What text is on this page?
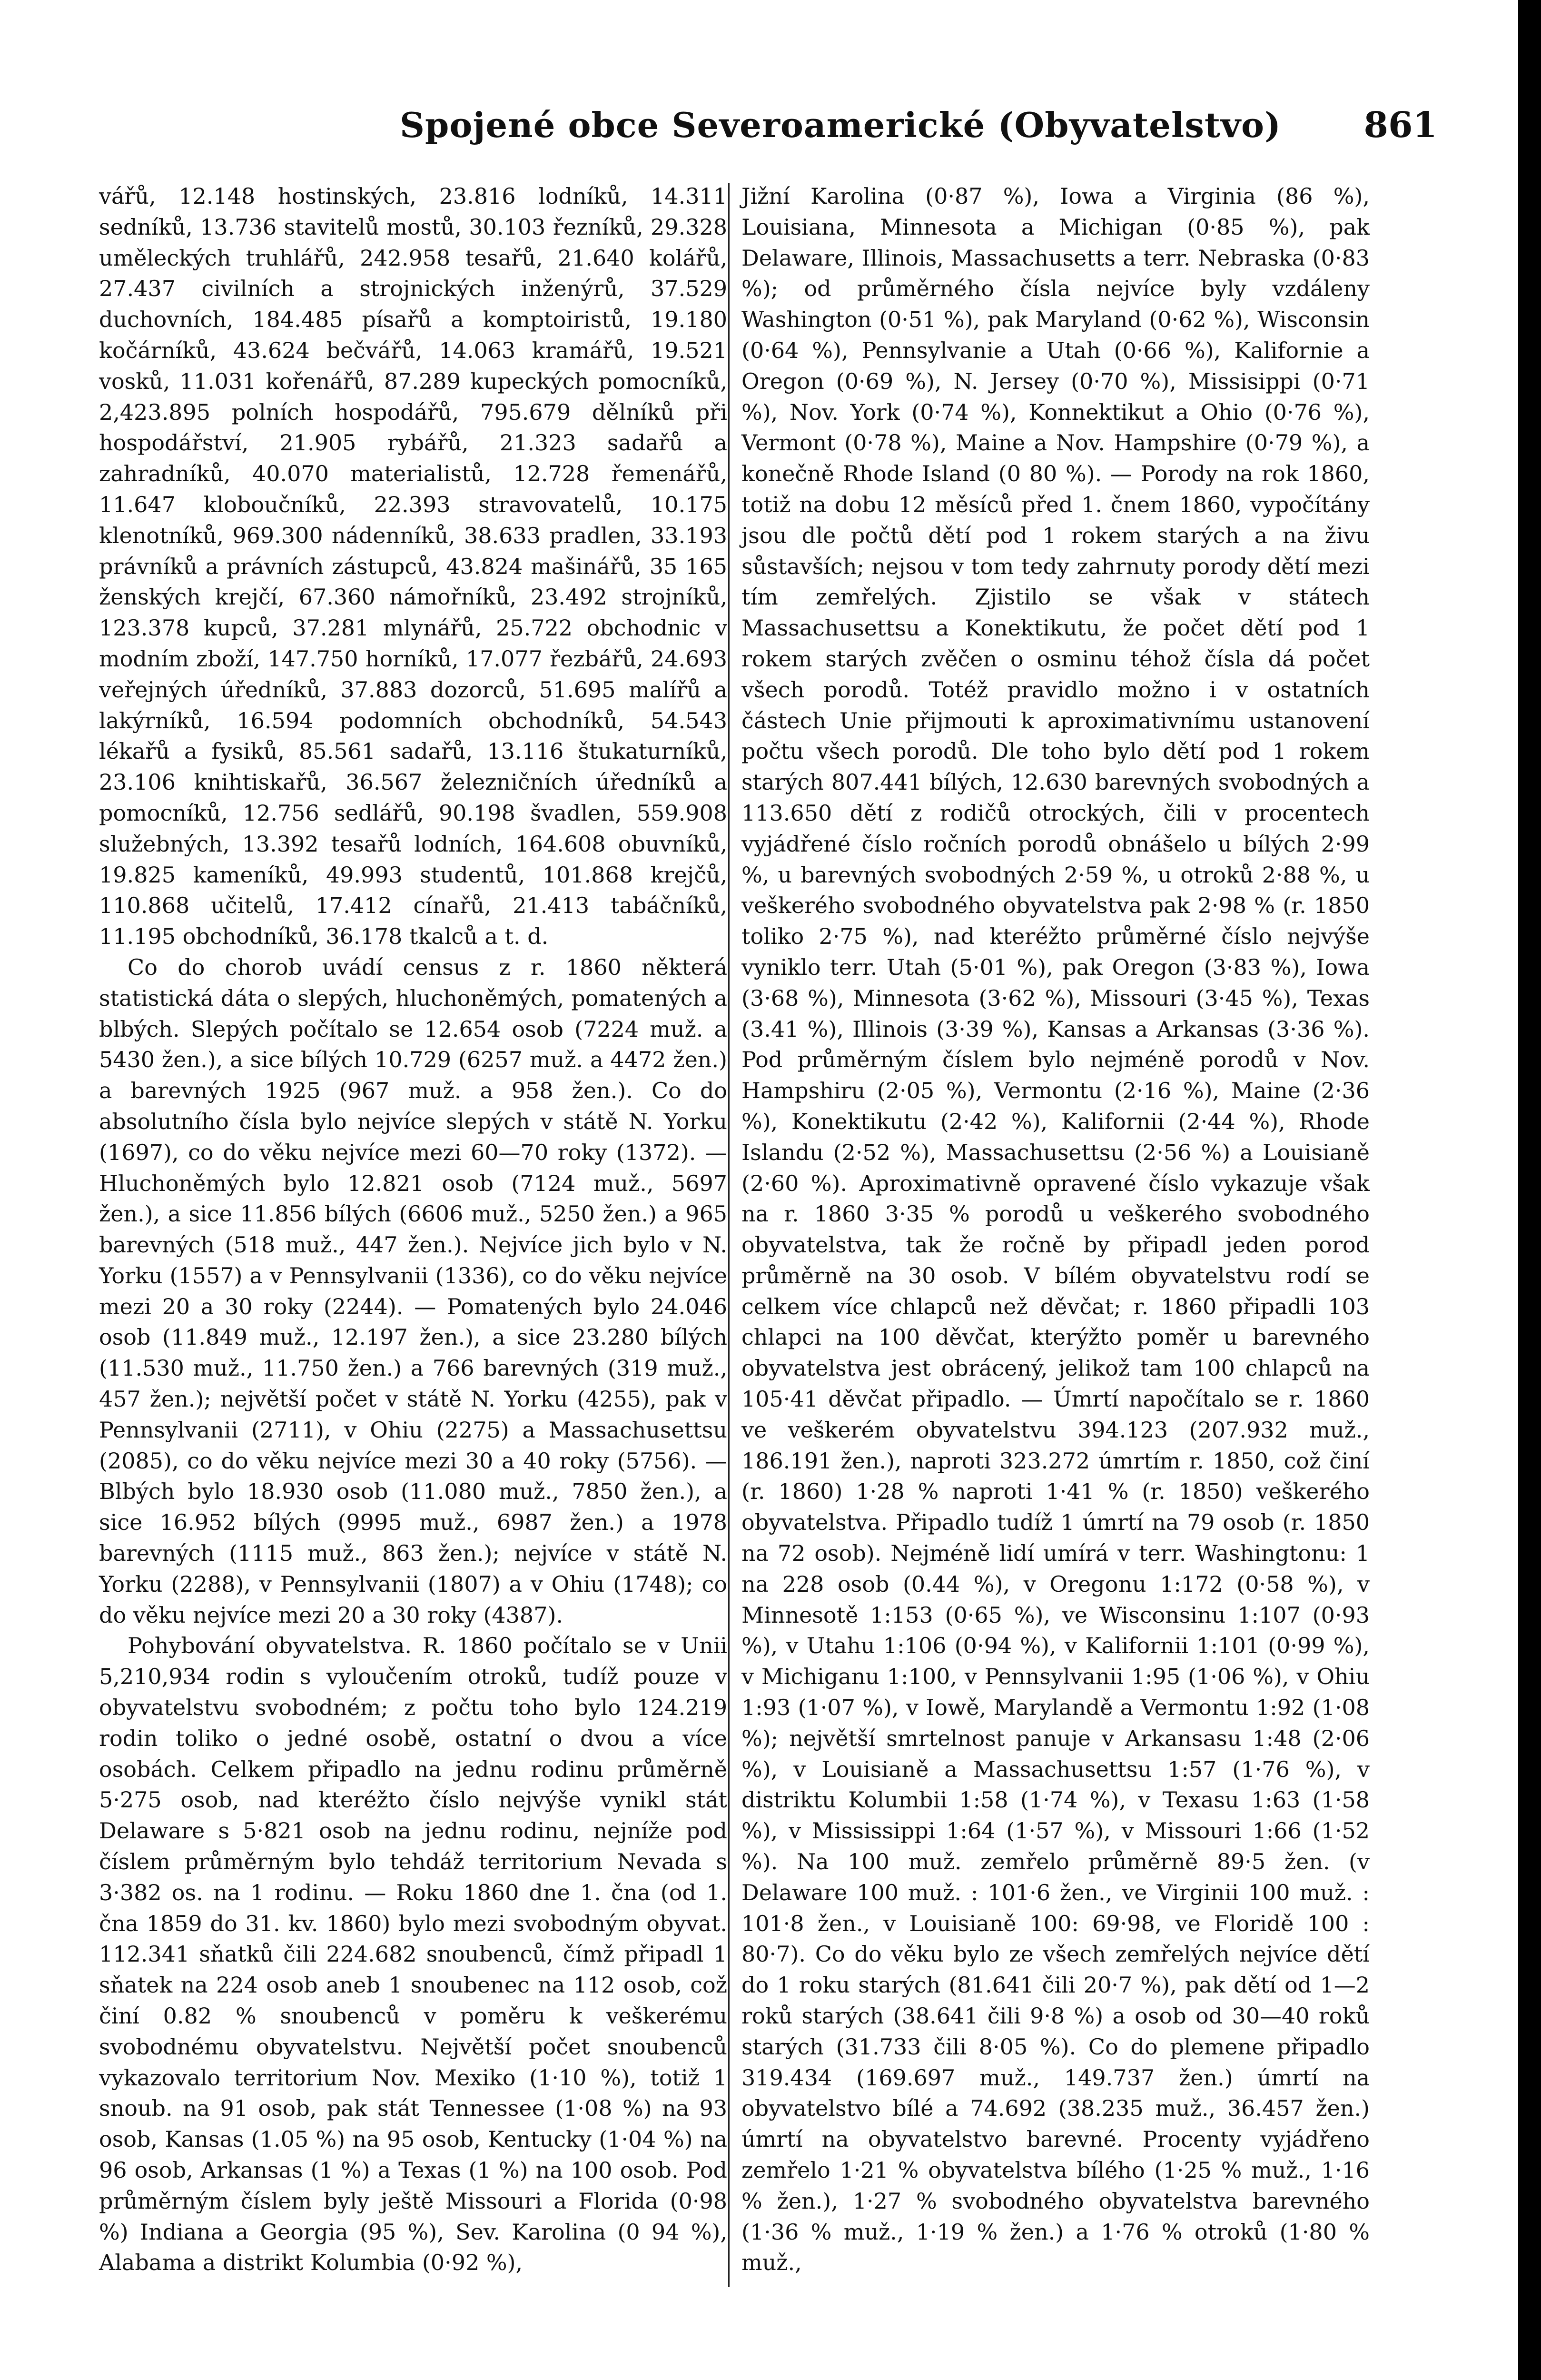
Spojené obce Severoamerické (Obyvatelstvo) 861

vářů, 12.148 hostinských, 23.816 lodníků, 14.311 sedníků, 13.736 stavitelů mostů, 30.103 řezníků, 29.328 uměleckých truhlářů, 242.958 tesařů, 21.640 kolářů, 27.437 civilních a strojnických inženýrů, 37.529 duchovních, 184.485 písařů a komptoiristů, 19.180 kočárníků, 43.624 bečvářů, 14.063 kramářů, 19.521 vosků, 11.031 kořenářů, 87.289 kupeckých pomocníků, 2,423.895 polních hospodářů, 795.679 dělníků při hospodářství, 21.905 rybářů, 21.323 sadařů a zahradníků, 40.070 materialistů, 12.728 řemenářů, 11.647 kloboučníků, 22.393 stravovatelů, 10.175 klenotníků, 969.300 nádenníků, 38.633 pradlen, 33.193 právníků a právních zástupců, 43.824 mašinářů, 35 165 ženských krejčí, 67.360 námořníků, 23.492 strojníků, 123.378 kupců, 37.281 mlynářů, 25.722 obchodnic v modním zboží, 147.750 horníků, 17.077 řezbářů, 24.693 veřejných úředníků, 37.883 dozorců, 51.695 malířů a lakýrníků, 16.594 podomních obchodníků, 54.543 lékařů a fysiků, 85.561 sadařů, 13.116 štukaturníků, 23.106 knihtiskařů, 36.567 železničních úředníků a pomocníků, 12.756 sedlářů, 90.198 švadlen, 559.908 služebných, 13.392 tesařů lodních, 164.608 obuvníků, 19.825 kameníků, 49.993 studentů, 101.868 krejčů, 110.868 učitelů, 17.412 cínařů, 21.413 tabáčníků, 11.195 obchodníků, 36.178 tkalců a t. d.

Co do chorob uvádí census z r. 1860 některá statistická dáta o slepých, hluchoněmých, pomatených a blbých. Slepých počítalo se 12.654 osob (7224 muž. a 5430 žen.), a sice bílých 10.729 (6257 muž. a 4472 žen.) a barevných 1925 (967 muž. a 958 žen.). Co do absolutního čísla bylo nejvíce slepých v státě N. Yorku (1697), co do věku nejvíce mezi 60—70 roky (1372). — Hluchoněmých bylo 12.821 osob (7124 muž., 5697 žen.), a sice 11.856 bílých (6606 muž., 5250 žen.) a 965 barevných (518 muž., 447 žen.). Nejvíce jich bylo v N. Yorku (1557) a v Pennsylvanii (1336), co do věku nejvíce mezi 20 a 30 roky (2244). — Pomatených bylo 24.046 osob (11.849 muž., 12.197 žen.), a sice 23.280 bílých (11.530 muž., 11.750 žen.) a 766 barevných (319 muž., 457 žen.); největší počet v státě N. Yorku (4255), pak v Pennsylvanii (2711), v Ohiu (2275) a Massachusettsu (2085), co do věku nejvíce mezi 30 a 40 roky (5756). — Blbých bylo 18.930 osob (11.080 muž., 7850 žen.), a sice 16.952 bílých (9995 muž., 6987 žen.) a 1978 barevných (1115 muž., 863 žen.); nejvíce v státě N. Yorku (2288), v Pennsylvanii (1807) a v Ohiu (1748); co do věku nejvíce mezi 20 a 30 roky (4387).

Pohybování obyvatelstva. R. 1860 počítalo se v Unii 5,210,934 rodin s vyloučením otroků, tudíž pouze v obyvatelstvu svobodném; z počtu toho bylo 124.219 rodin toliko o jedné osobě, ostatní o dvou a více osobách. Celkem připadlo na jednu rodinu průměrně 5·275 osob, nad kteréžto číslo nejvýše vynikl stát Delaware s 5·821 osob na jednu rodinu, nejníže pod číslem průměrným bylo tehdáž territorium Nevada s 3·382 os. na 1 rodinu. — Roku 1860 dne 1. čna (od 1. čna 1859 do 31. kv. 1860) bylo mezi svobodným obyvat. 112.341 sňatků čili 224.682 snoubenců, čímž připadl 1 sňatek na 224 osob aneb 1 snoubenec na 112 osob, což činí 0.82 % snoubenců v poměru k veškerému svobodnému obyvatelstvu. Největší počet snoubenců vykazovalo territorium Nov. Mexiko (1·10 %), totiž 1 snoub. na 91 osob, pak stát Tennessee (1·08 %) na 93 osob, Kansas (1.05 %) na 95 osob, Kentucky (1·04 %) na 96 osob, Arkansas (1 %) a Texas (1 %) na 100 osob. Pod průměrným číslem byly ještě Missouri a Florida (0·98 %) Indiana a Georgia (95 %), Sev. Karolina (0 94 %), Alabama a distrikt Kolumbia (0·92 %),

Jižní Karolina (0·87 %), Iowa a Virginia (86 %), Louisiana, Minnesota a Michigan (0·85 %), pak Delaware, Illinois, Massachusetts a terr. Nebraska (0·83 %); od průměrného čísla nejvíce byly vzdáleny Washington (0·51 %), pak Maryland (0·62 %), Wisconsin (0·64 %), Pennsylvanie a Utah (0·66 %), Kalifornie a Oregon (0·69 %), N. Jersey (0·70 %), Missisippi (0·71 %), Nov. York (0·74 %), Konnektikut a Ohio (0·76 %), Vermont (0·78 %), Maine a Nov. Hampshire (0·79 %), a konečně Rhode Island (0 80 %). — Porody na rok 1860, totiž na dobu 12 měsíců před 1. čnem 1860, vypočítány jsou dle počtů dětí pod 1 rokem starých a na živu sůstavších; nejsou v tom tedy zahrnuty porody dětí mezi tím zemřelých. Zjistilo se však v státech Massachusettsu a Konektikutu, že počet dětí pod 1 rokem starých zvěčen o osminu téhož čísla dá počet všech porodů. Totéž pravidlo možno i v ostatních částech Unie přijmouti k aproximativnímu ustanovení počtu všech porodů. Dle toho bylo dětí pod 1 rokem starých 807.441 bílých, 12.630 barevných svobodných a 113.650 dětí z rodičů otrockých, čili v procentech vyjádřené číslo ročních porodů obnášelo u bílých 2·99 %, u barevných svobodných 2·59 %, u otroků 2·88 %, u veškerého svobodného obyvatelstva pak 2·98 % (r. 1850 toliko 2·75 %), nad kteréžto průměrné číslo nejvýše vyniklo terr. Utah (5·01 %), pak Oregon (3·83 %), Iowa (3·68 %), Minnesota (3·62 %), Missouri (3·45 %), Texas (3.41 %), Illinois (3·39 %), Kansas a Arkansas (3·36 %). Pod průměrným číslem bylo nejméně porodů v Nov. Hampshiru (2·05 %), Vermontu (2·16 %), Maine (2·36 %), Konektikutu (2·42 %), Kalifornii (2·44 %), Rhode Islandu (2·52 %), Massachusettsu (2·56 %) a Louisianě (2·60 %). Aproximativně opravené číslo vykazuje však na r. 1860 3·35 % porodů u veškerého svobodného obyvatelstva, tak že ročně by připadl jeden porod průměrně na 30 osob. V bílém obyvatelstvu rodí se celkem více chlapců než děvčat; r. 1860 připadli 103 chlapci na 100 děvčat, kterýžto poměr u barevného obyvatelstva jest obrácený, jelikož tam 100 chlapců na 105·41 děvčat připadlo. — Úmrtí napočítalo se r. 1860 ve veškerém obyvatelstvu 394.123 (207.932 muž., 186.191 žen.), naproti 323.272 úmrtím r. 1850, což činí (r. 1860) 1·28 % naproti 1·41 % (r. 1850) veškerého obyvatelstva. Připadlo tudíž 1 úmrtí na 79 osob (r. 1850 na 72 osob). Nejméně lidí umírá v terr. Washingtonu: 1 na 228 osob (0.44 %), v Oregonu 1:172 (0·58 %), v Minnesotě 1:153 (0·65 %), ve Wisconsinu 1:107 (0·93 %), v Utahu 1:106 (0·94 %), v Kalifornii 1:101 (0·99 %), v Michiganu 1:100, v Pennsylvanii 1:95 (1·06 %), v Ohiu 1:93 (1·07 %), v Iowě, Marylandě a Vermontu 1:92 (1·08 %); největší smrtelnost panuje v Arkansasu 1:48 (2·06 %), v Louisianě a Massachusettsu 1:57 (1·76 %), v distriktu Kolumbii 1:58 (1·74 %), v Texasu 1:63 (1·58 %), v Mississippi 1:64 (1·57 %), v Missouri 1:66 (1·52 %). Na 100 muž. zemřelo průměrně 89·5 žen. (v Delaware 100 muž. : 101·6 žen., ve Virginii 100 muž. : 101·8 žen., v Louisianě 100: 69·98, ve Floridě 100 : 80·7). Co do věku bylo ze všech zemřelých nejvíce dětí do 1 roku starých (81.641 čili 20·7 %), pak dětí od 1—2 roků starých (38.641 čili 9·8 %) a osob od 30—40 roků starých (31.733 čili 8·05 %). Co do plemene připadlo 319.434 (169.697 muž., 149.737 žen.) úmrtí na obyvatelstvo bílé a 74.692 (38.235 muž., 36.457 žen.) úmrtí na obyvatelstvo barevné. Procenty vyjádřeno zemřelo 1·21 % obyvatelstva bílého (1·25 % muž., 1·16 % žen.), 1·27 % svobodného obyvatelstva barevného (1·36 % muž., 1·19 % žen.) a 1·76 % otroků (1·80 % muž.,
